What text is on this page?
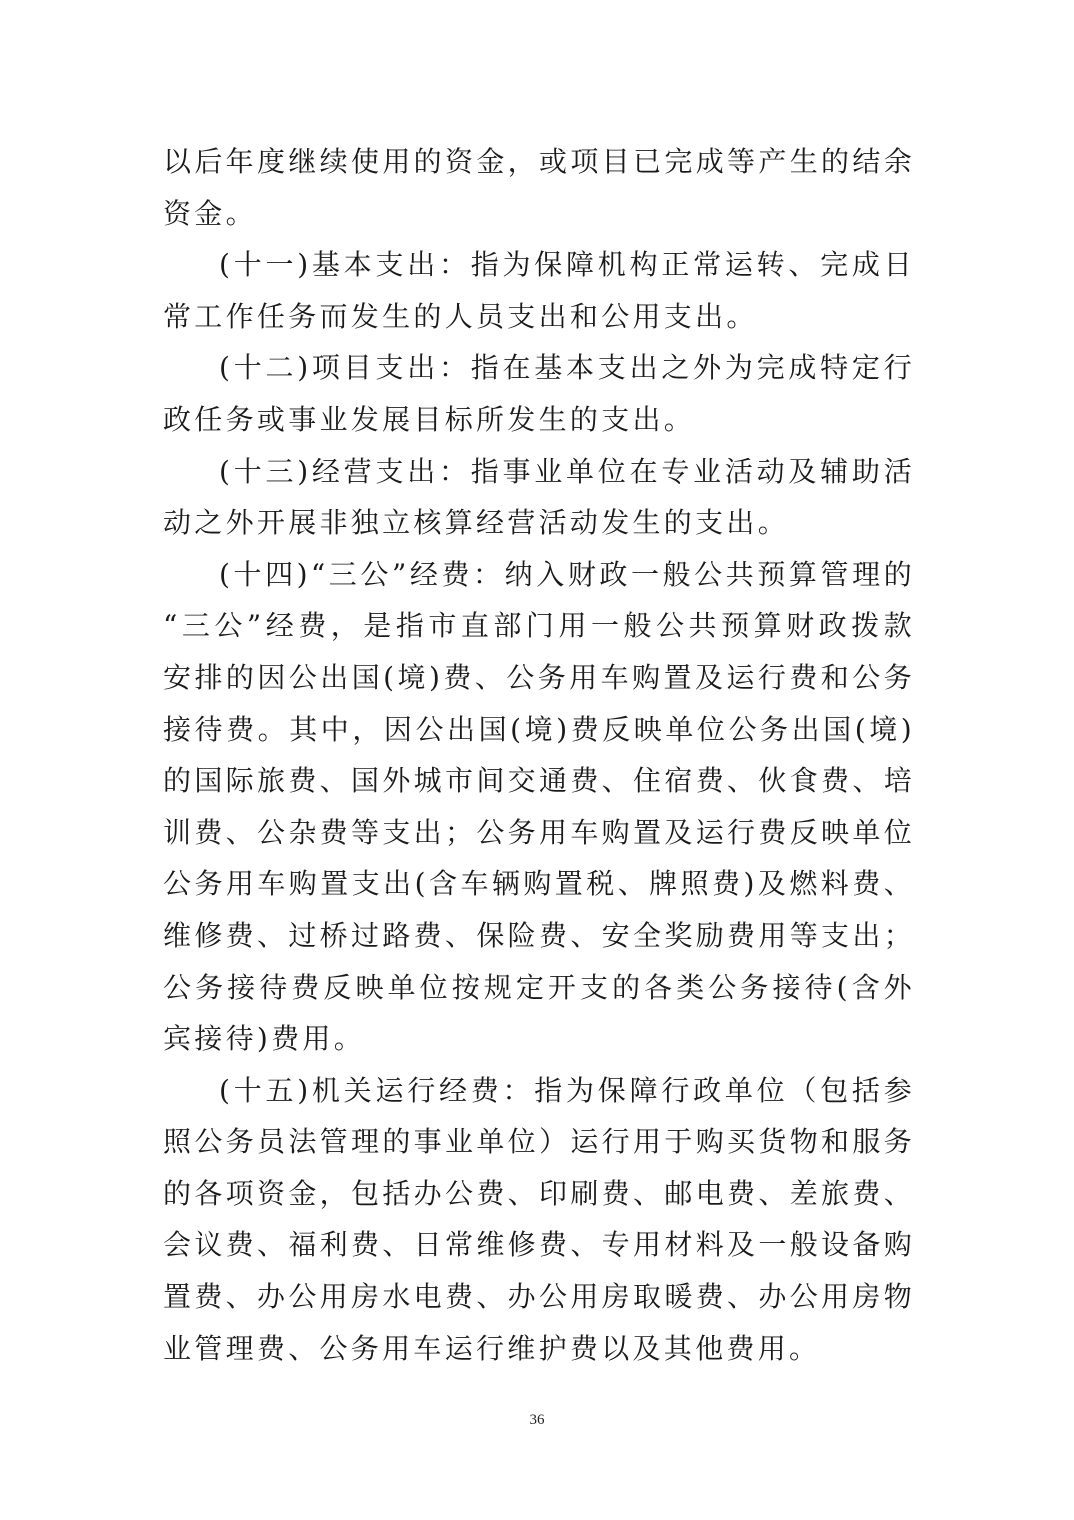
以后年度继续使用的资金，或项目已完成等产生的结余资金。

(十一)基本支出：指为保障机构正常运转、完成日常工作任务而发生的人员支出和公用支出。

(十二)项目支出：指在基本支出之外为完成特定行政任务或事业发展目标所发生的支出。

(十三)经营支出：指事业单位在专业活动及辅助活动之外开展非独立核算经营活动发生的支出。

(十四)“三公”经费：纳入财政一般公共预算管理的“三公”经费，是指市直部门用一般公共预算财政拨款安排的因公出国(境)费、公务用车购置及运行费和公务接待费。其中，因公出国(境)费反映单位公务出国(境)的国际旅费、国外城市间交通费、住宿费、伙食费、培训费、公杂费等支出；公务用车购置及运行费反映单位公务用车购置支出(含车辆购置税、牌照费)及燃料费、维修费、过桥过路费、保险费、安全奖励费用等支出；公务接待费反映单位按规定开支的各类公务接待(含外宾接待)费用。

(十五)机关运行经费：指为保障行政单位（包括参照公务员法管理的事业单位）运行用于购买货物和服务的各项资金，包括办公费、印刷费、邮电费、差旅费、会议费、福利费、日常维修费、专用材料及一般设备购置费、办公用房水电费、办公用房取暖费、办公用房物业管理费、公务用车运行维护费以及其他费用。

36
